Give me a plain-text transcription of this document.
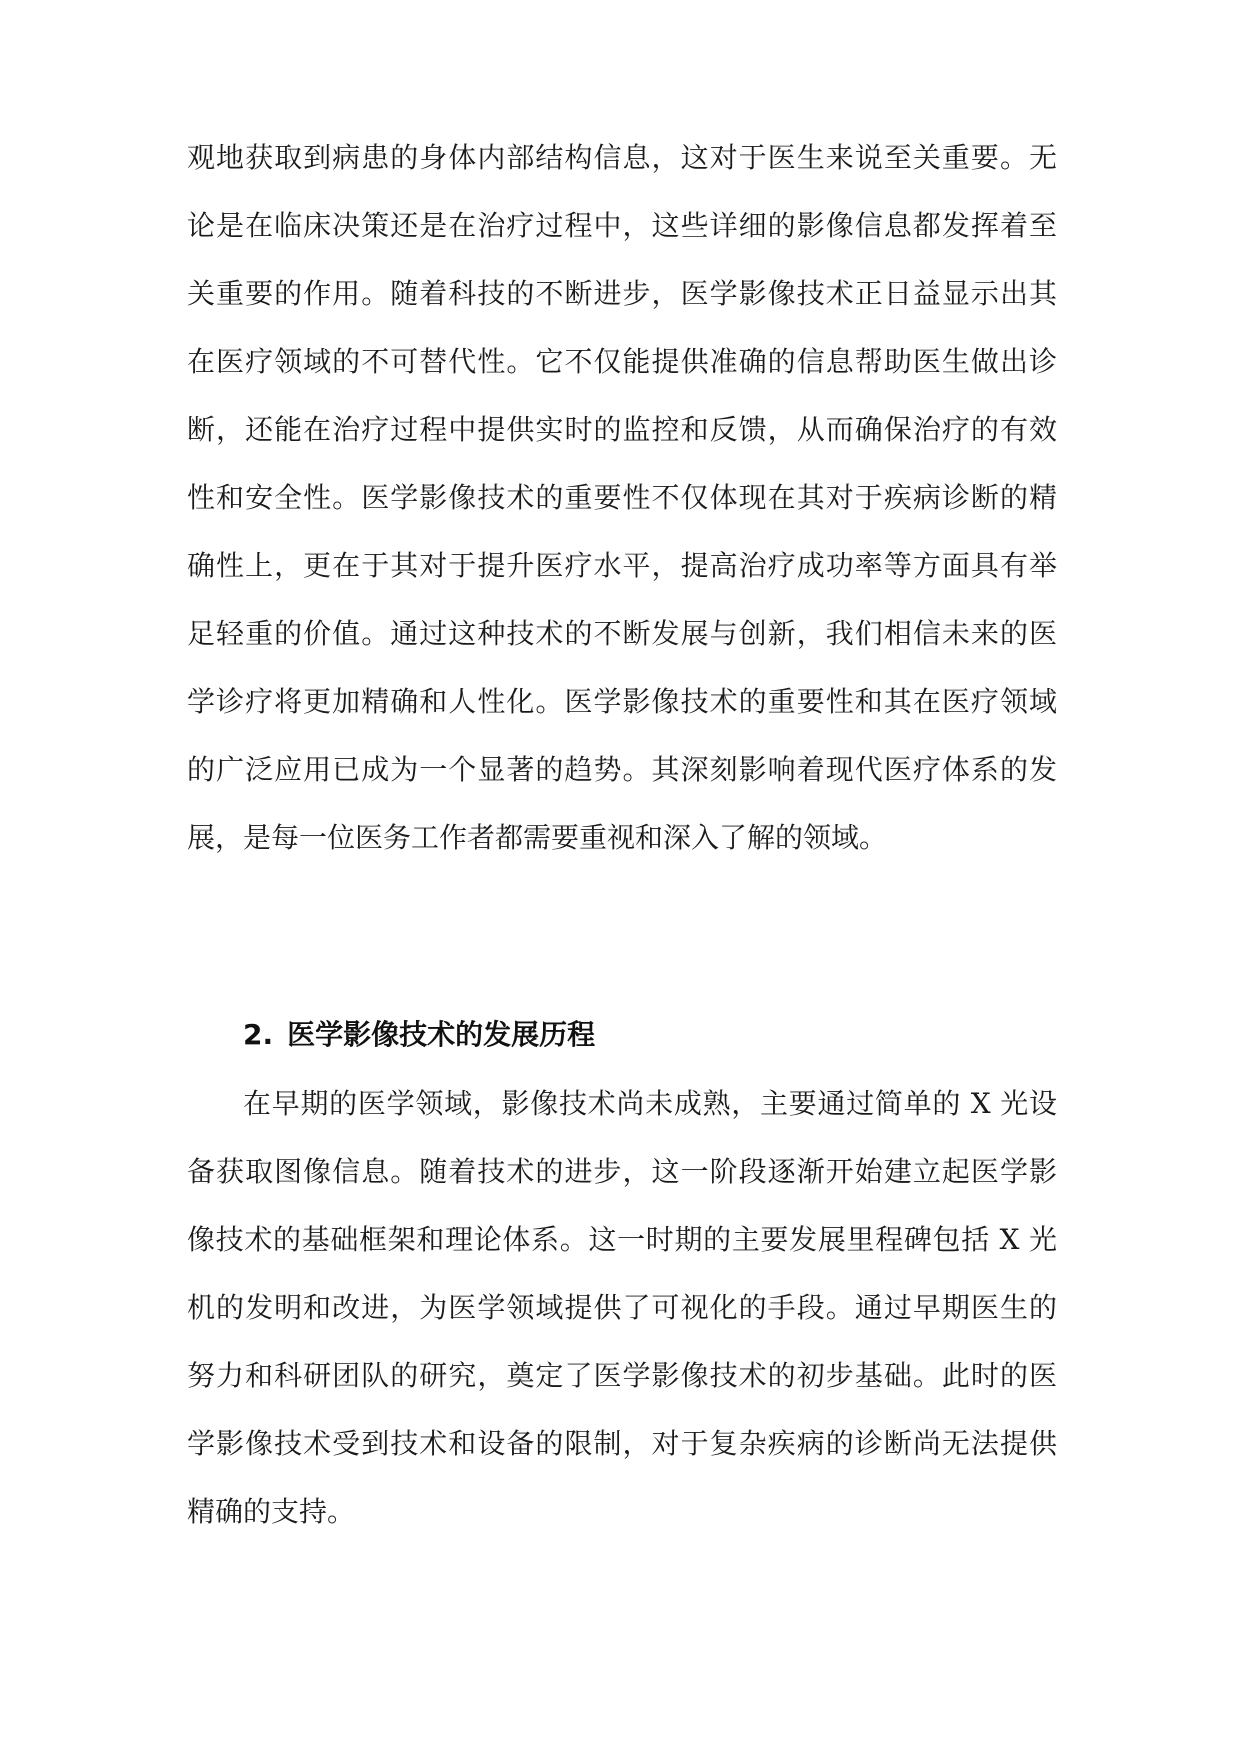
观地获取到病患的身体内部结构信息，这对于医生来说至关重要。无
论是在临床决策还是在治疗过程中，这些详细的影像信息都发挥着至
关重要的作用。随着科技的不断进步，医学影像技术正日益显示出其
在医疗领域的不可替代性。它不仅能提供准确的信息帮助医生做出诊
断，还能在治疗过程中提供实时的监控和反馈，从而确保治疗的有效
性和安全性。医学影像技术的重要性不仅体现在其对于疾病诊断的精
确性上，更在于其对于提升医疗水平，提高治疗成功率等方面具有举
足轻重的价值。通过这种技术的不断发展与创新，我们相信未来的医
学诊疗将更加精确和人性化。医学影像技术的重要性和其在医疗领域
的广泛应用已成为一个显著的趋势。其深刻影响着现代医疗体系的发
展，是每一位医务工作者都需要重视和深入了解的领域。
2. 医学影像技术的发展历程
在早期的医学领域，影像技术尚未成熟，主要通过简单的 X 光设
备获取图像信息。随着技术的进步，这一阶段逐渐开始建立起医学影
像技术的基础框架和理论体系。这一时期的主要发展里程碑包括 X 光
机的发明和改进，为医学领域提供了可视化的手段。通过早期医生的
努力和科研团队的研究，奠定了医学影像技术的初步基础。此时的医
学影像技术受到技术和设备的限制，对于复杂疾病的诊断尚无法提供
精确的支持。
